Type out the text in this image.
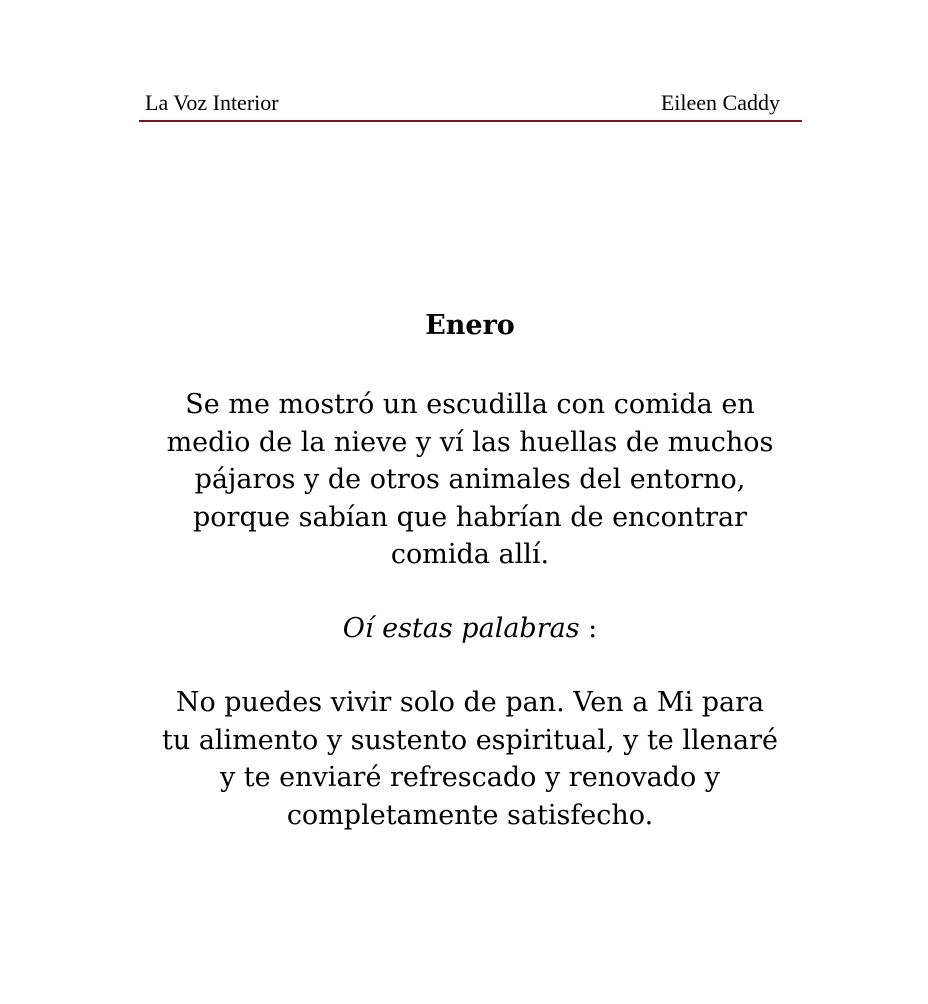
La Voz Interior	Eileen Caddy
Enero
Se me mostró un escudilla con comida en
medio de la nieve y ví las huellas de muchos
pájaros y de otros animales del entorno,
porque sabían que habrían de encontrar
comida allí.
Oí estas palabras :
No puedes vivir solo de pan. Ven a Mi para
tu alimento y sustento espiritual, y te llenaré
y te enviaré refrescado y renovado y
completamente satisfecho.
